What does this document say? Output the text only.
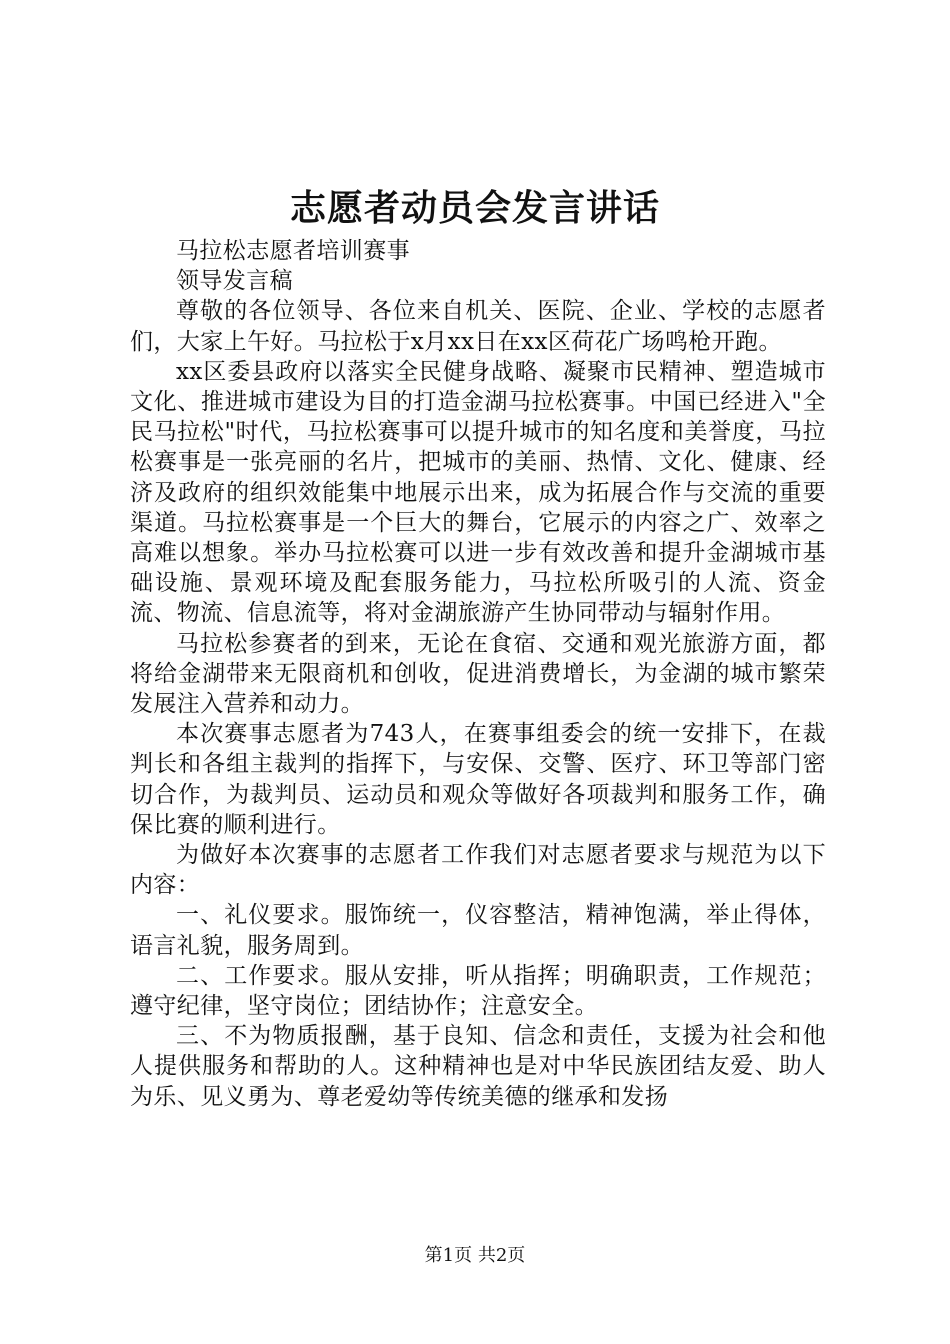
志愿者动员会发言讲话

马拉松志愿者培训赛事

领导发言稿

尊敬的各位领导、各位来自机关、医院、企业、学校的志愿者们，大家上午好。马拉松于x月xx日在xx区荷花广场鸣枪开跑。

xx区委县政府以落实全民健身战略、凝聚市民精神、塑造城市文化、推进城市建设为目的打造金湖马拉松赛事。中国已经进入"全民马拉松"时代，马拉松赛事可以提升城市的知名度和美誉度，马拉松赛事是一张亮丽的名片，把城市的美丽、热情、文化、健康、经济及政府的组织效能集中地展示出来，成为拓展合作与交流的重要渠道。马拉松赛事是一个巨大的舞台，它展示的内容之广、效率之高难以想象。举办马拉松赛可以进一步有效改善和提升金湖城市基础设施、景观环境及配套服务能力，马拉松所吸引的人流、资金流、物流、信息流等，将对金湖旅游产生协同带动与辐射作用。

马拉松参赛者的到来，无论在食宿、交通和观光旅游方面，都将给金湖带来无限商机和创收，促进消费增长，为金湖的城市繁荣发展注入营养和动力。

本次赛事志愿者为743人，在赛事组委会的统一安排下，在裁判长和各组主裁判的指挥下，与安保、交警、医疗、环卫等部门密切合作，为裁判员、运动员和观众等做好各项裁判和服务工作，确保比赛的顺利进行。

为做好本次赛事的志愿者工作我们对志愿者要求与规范为以下内容：

一、礼仪要求。服饰统一，仪容整洁，精神饱满，举止得体，语言礼貌，服务周到。

二、工作要求。服从安排，听从指挥；明确职责，工作规范；遵守纪律，坚守岗位；团结协作；注意安全。

三、不为物质报酬，基于良知、信念和责任，支援为社会和他人提供服务和帮助的人。这种精神也是对中华民族团结友爱、助人为乐、见义勇为、尊老爱幼等传统美德的继承和发扬

第1页 共2页
